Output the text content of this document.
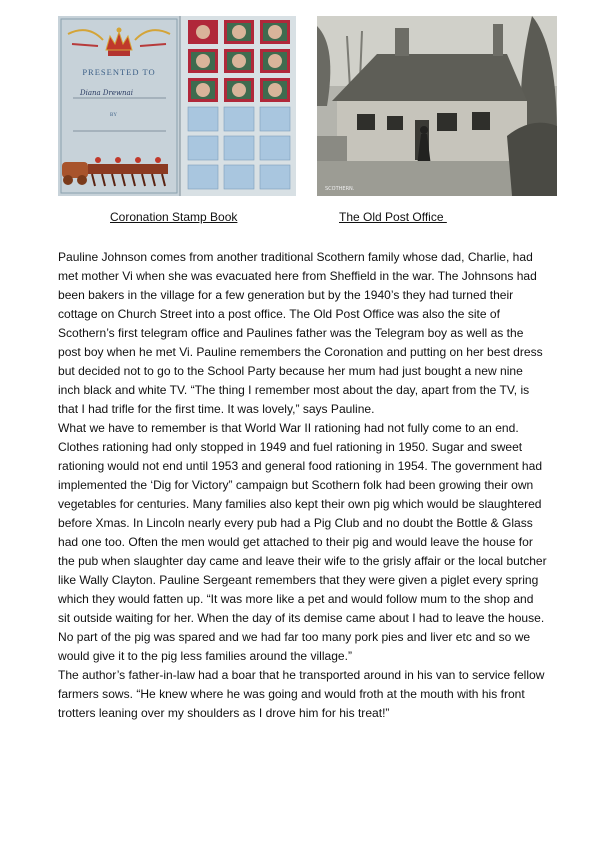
PRESENTED TO
Diana Drewnai
BY
SCOTHERN.
Coronation Stamp Book	The Old Post Office

Pauline Johnson comes from another traditional Scothern family whose dad, Charlie, had met mother Vi when she was evacuated here from Sheffield in the war. The Johnsons had been bakers in the village for a few generation but by the 1940’s they had turned their cottage on Church Street into a post office. The Old Post Office was also the site of Scothern’s first telegram office and Paulines father was the Telegram boy as well as the post boy when he met Vi. Pauline remembers the Coronation and putting on her best dress but decided not to go to the School Party because her mum had just bought a new nine inch black and white TV. “The thing I remember most about the day, apart from the TV, is that I had trifle for the first time. It was lovely,” says Pauline.

What we have to remember is that World War II rationing had not fully come to an end. Clothes rationing had only stopped in 1949 and fuel rationing in 1950. Sugar and sweet rationing would not end until 1953 and general food rationing in 1954. The government had implemented the ‘Dig for Victory” campaign but Scothern folk had been growing their own vegetables for centuries. Many families also kept their own pig which would be slaughtered before Xmas. In Lincoln nearly every pub had a Pig Club and no doubt the Bottle & Glass had one too. Often the men would get attached to their pig and would leave the house for the pub when slaughter day came and leave their wife to the grisly affair or the local butcher like Wally Clayton. Pauline Sergeant remembers that they were given a piglet every spring which they would fatten up. “It was more like a pet and would follow mum to the shop and sit outside waiting for her. When the day of its demise came about I had to leave the house. No part of the pig was spared and we had far too many pork pies and liver etc and so we would give it to the pig less families around the village.”

The author’s father-in-law had a boar that he transported around in his van to service fellow farmers sows. “He knew where he was going and would froth at the mouth with his front trotters leaning over my shoulders as I drove him for his treat!”
